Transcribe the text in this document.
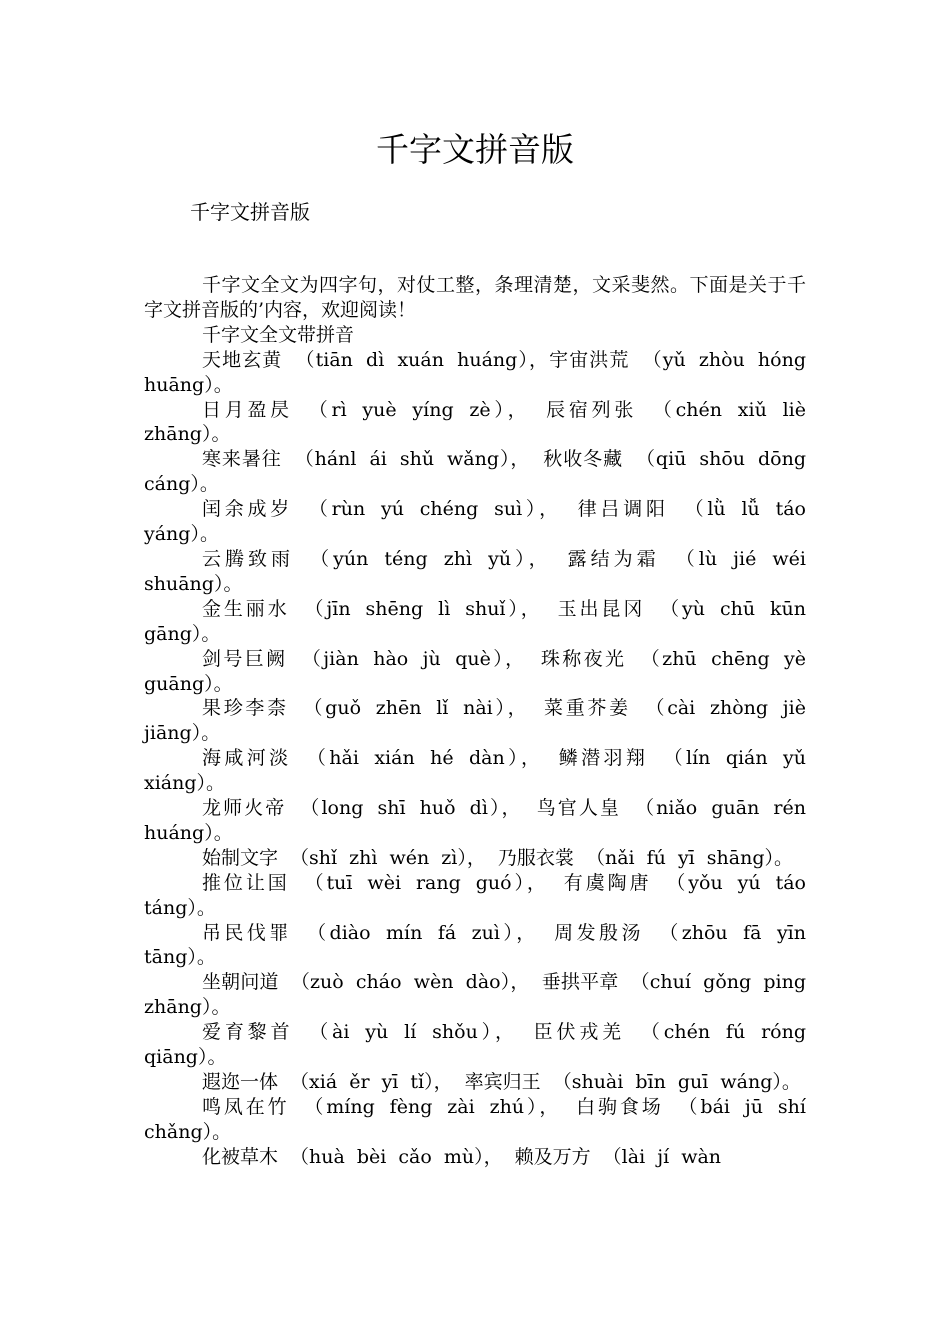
千字文拼音版
千字文拼音版

千字文全文为四字句，对仗工整，条理清楚，文采斐然。下面是关于千字文拼音版的’内容，欢迎阅读！

千字文全文带拼音

天地玄黄 （tiān dì xuán huáng），宇宙洪荒 （yǔ zhòu hóng huāng）。

日月盈昃 （rì yuè yíng zè）， 辰宿列张 （chén xiǔ liè zhāng）。

寒来暑往 （hánl ái shǔ wǎng）， 秋收冬藏 （qiū shōu dōng cáng）。

闰余成岁 （rùn yú chéng suì）， 律吕调阳 （lǜ lǚ táo yáng）。

云腾致雨 （yún téng zhì yǔ）， 露结为霜 （lù jié wéi shuāng）。

金生丽水 （jīn shēng lì shuǐ）， 玉出昆冈 （yù chū kūn gāng）。

剑号巨阙 （jiàn hào jù què）， 珠称夜光 （zhū chēng yè guāng）。

果珍李柰 （guǒ zhēn lǐ nài）， 菜重芥姜 （cài zhòng jiè jiāng）。

海咸河淡 （hǎi xián hé dàn）， 鳞潜羽翔 （lín qián yǔ xiáng）。

龙师火帝 （long shī huǒ dì）， 鸟官人皇 （niǎo guān rén huáng）。

始制文字 （shǐ zhì wén zì）， 乃服衣裳 （nǎi fú yī shāng）。

推位让国 （tuī wèi rang guó）， 有虞陶唐 （yǒu yú táo táng）。

吊民伐罪 （diào mín fá zuì）， 周发殷汤 （zhōu fā yīn tāng）。

坐朝问道 （zuò cháo wèn dào）， 垂拱平章 （chuí gǒng ping zhāng）。

爱育黎首 （ài yù lí shǒu）， 臣伏戎羌 （chén fú róng qiāng）。

遐迩一体 （xiá ěr yī tǐ）， 率宾归王 （shuài bīn guī wáng）。

鸣凤在竹 （míng fèng zài zhú）， 白驹食场 （bái jū shí chǎng）。

化被草木 （huà bèi cǎo mù）， 赖及万方 （lài jí wàn
